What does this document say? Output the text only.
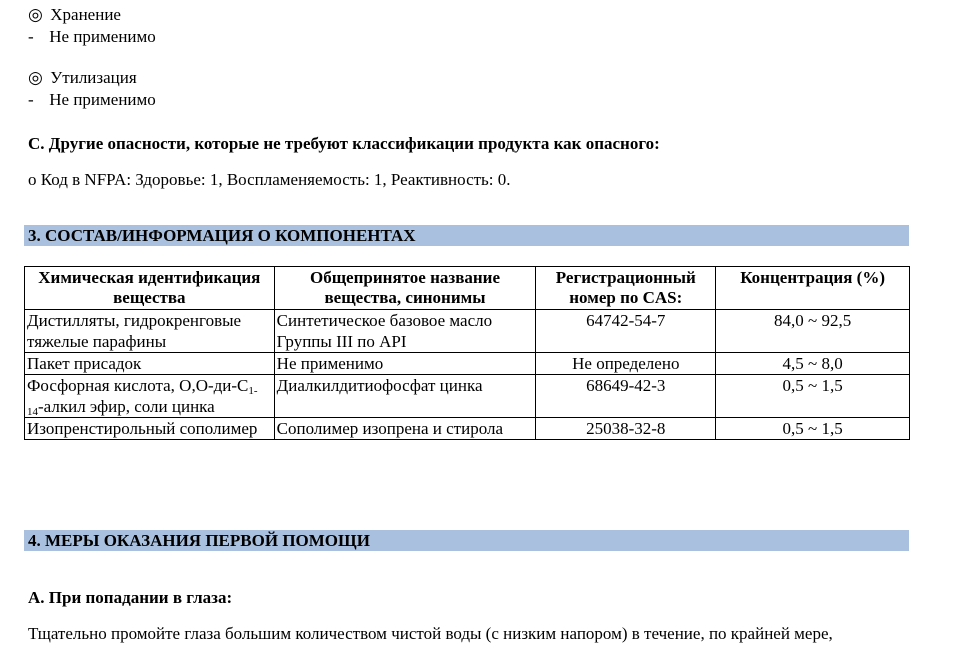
◎ Хранение
- Не применимо
◎ Утилизация
- Не применимо
C. Другие опасности, которые не требуют классификации продукта как опасного:
о Код в NFPA: Здоровье: 1, Воспламеняемость: 1, Реактивность: 0.
3. СОСТАВ/ИНФОРМАЦИЯ О КОМПОНЕНТАХ
Химическая идентификация вещества	Общепринятое название вещества, синонимы	Регистрационный номер по CAS:	Концентрация (%)
Дистилляты, гидрокренговые тяжелые парафины	Синтетическое базовое масло Группы III по API	64742-54-7	84,0 ~ 92,5
Пакет присадок	Не применимо	Не определено	4,5 ~ 8,0
Фосфорная кислота, $О,О-ди-C_{1-14}$-алкил эфир, соли цинка	Диалкилдитиофосфат цинка	68649-42-3	0,5 ~ 1,5
Изопренстирольный сополимер	Сополимер изопрена и стирола	25038-32-8	0,5 ~ 1,5
4. МЕРЫ ОКАЗАНИЯ ПЕРВОЙ ПОМОЩИ
A. При попадании в глаза:
Тщательно промойте глаза большим количеством чистой воды (с низким напором) в течение, по крайней мере,
